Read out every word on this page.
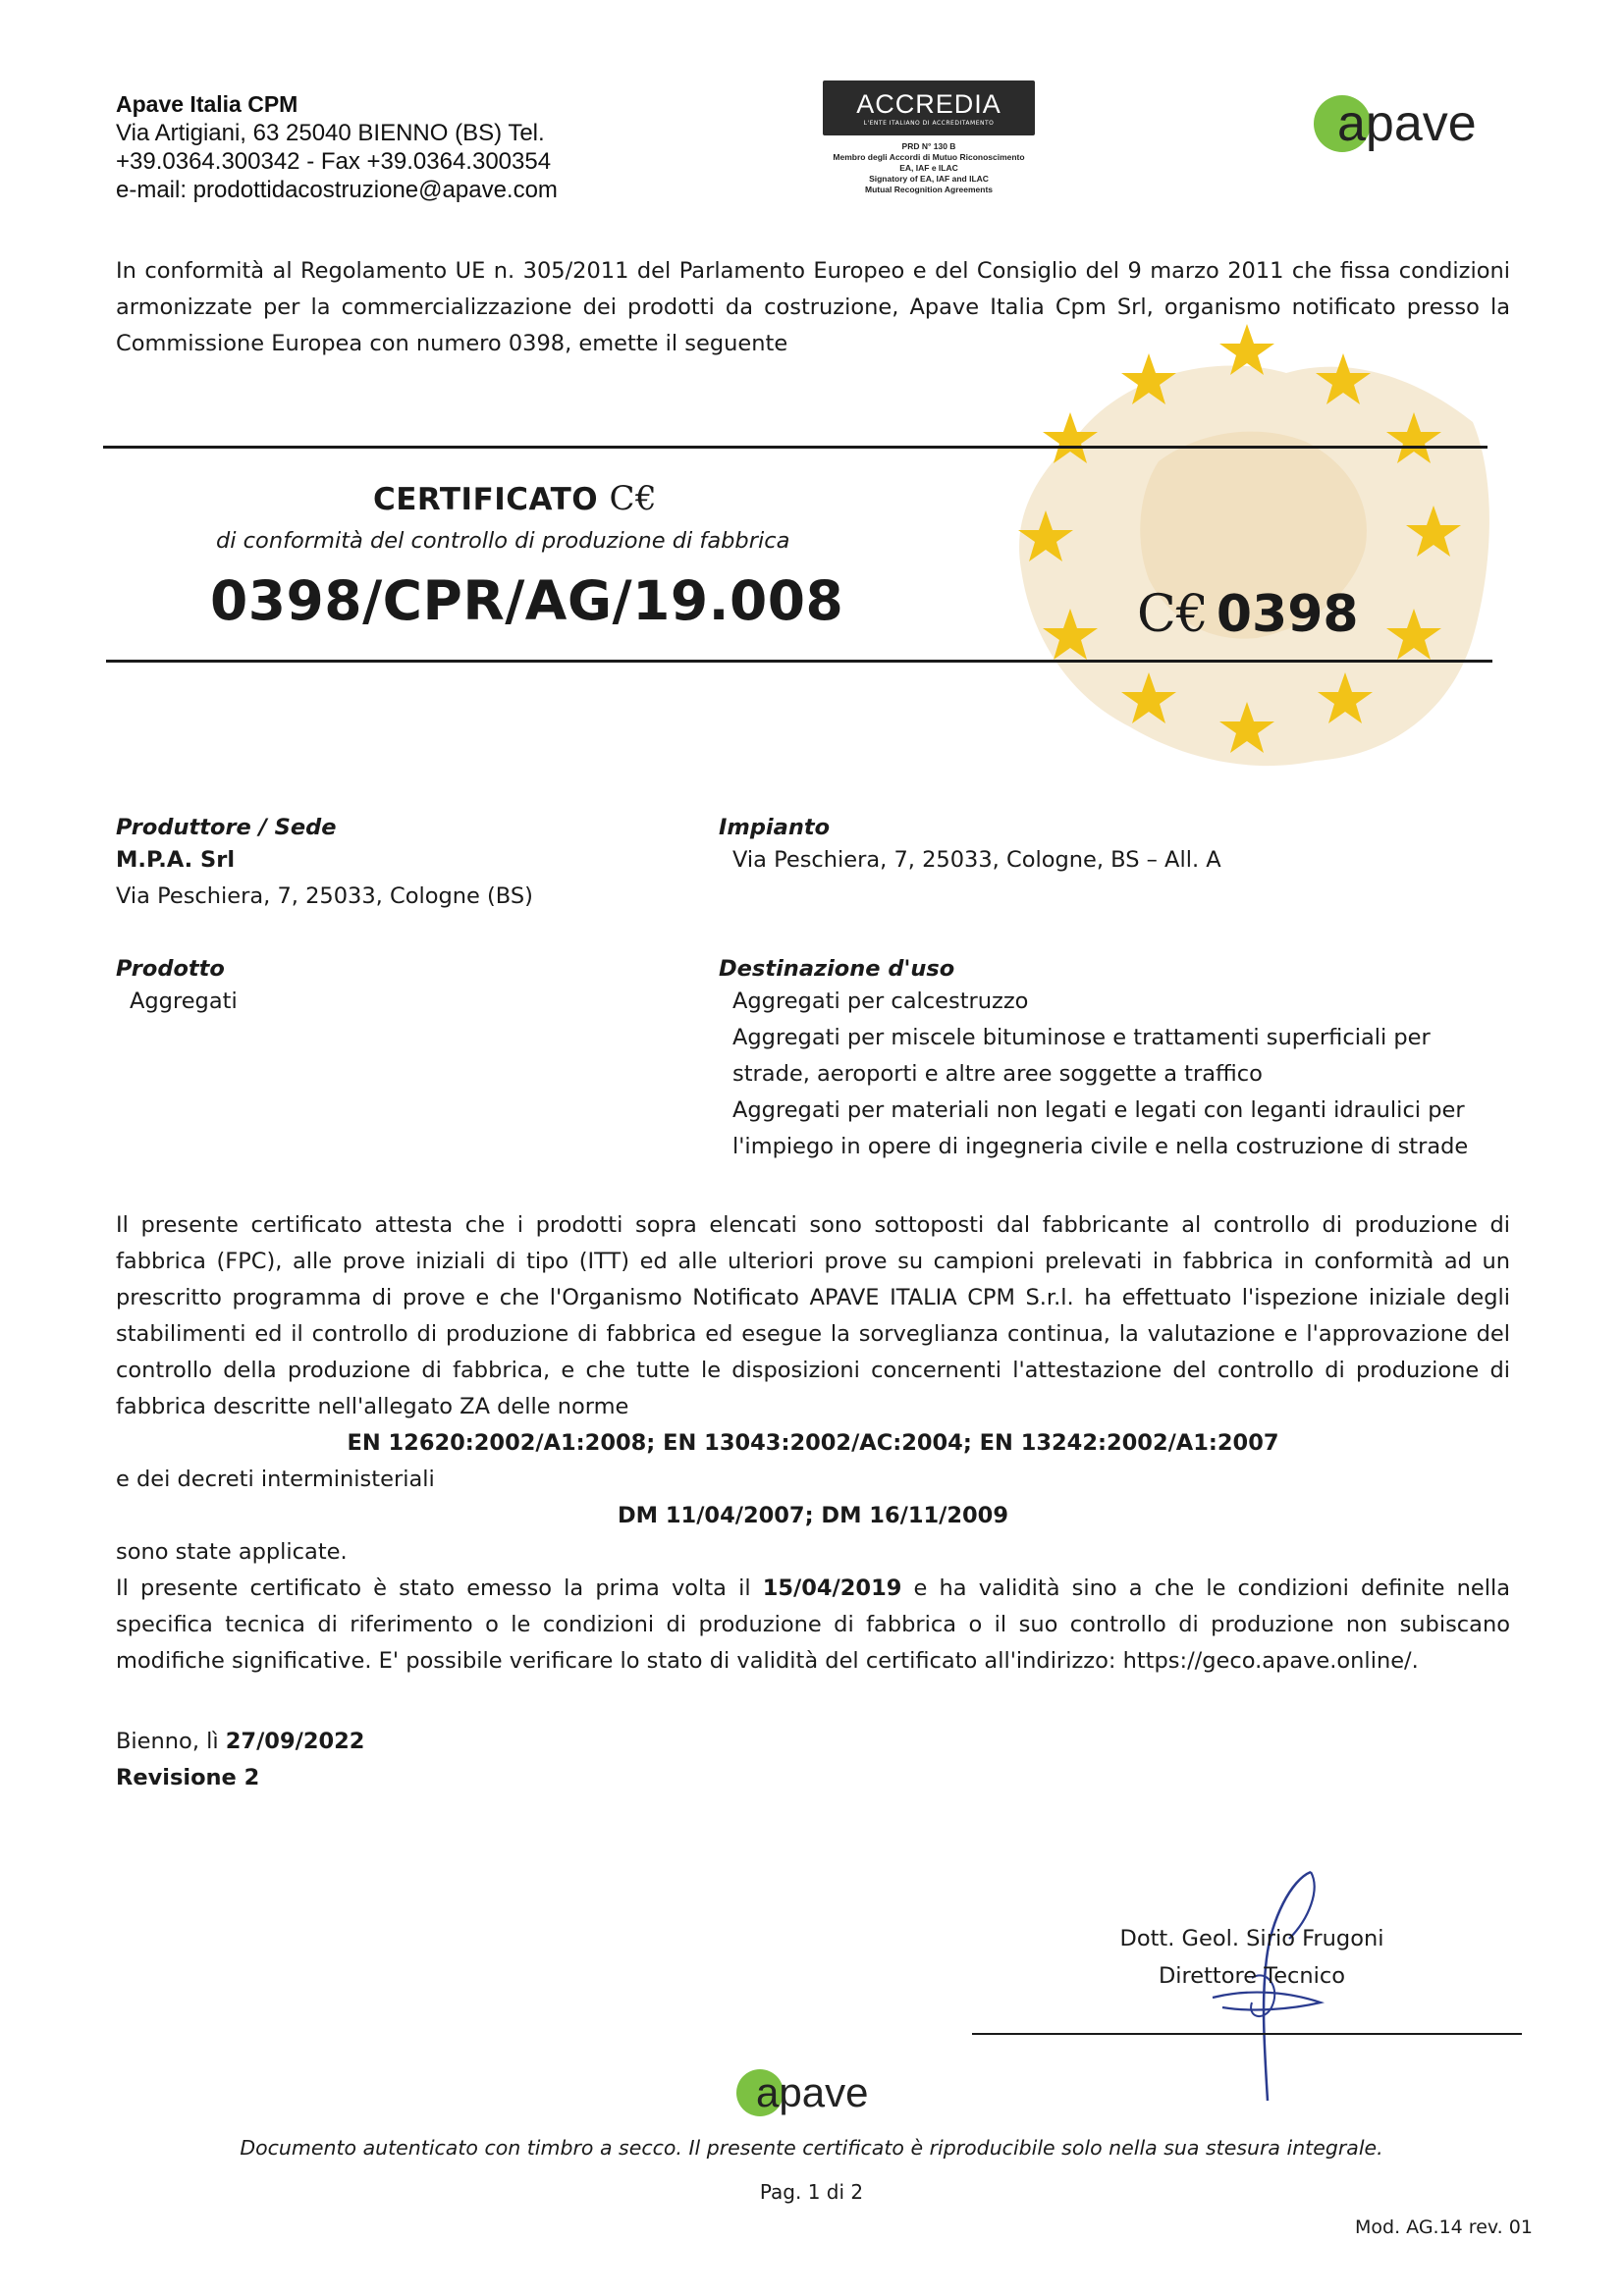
Apave Italia CPM
Via Artigiani, 63 25040 BIENNO (BS) Tel.
+39.0364.300342 - Fax +39.0364.300354
e-mail: prodottidacostruzione@apave.com
ACCREDIA
L'ENTE ITALIANO DI ACCREDITAMENTO
PRD N° 130 B
Membro degli Accordi di Mutuo Riconoscimento
EA, IAF e ILAC
Signatory of EA, IAF and ILAC
Mutual Recognition Agreements
apave
In conformità al Regolamento UE n. 305/2011 del Parlamento Europeo e del Consiglio del 9 marzo 2011 che fissa condizioni armonizzate per la commercializzazione dei prodotti da costruzione, Apave Italia Cpm Srl, organismo notificato presso la Commissione Europea con numero 0398, emette il seguente
CERTIFICATO C€
di conformità del controllo di produzione di fabbrica
0398/CPR/AG/19.008	C€ 0398
Produttore / Sede
M.P.A. Srl
Via Peschiera, 7, 25033, Cologne (BS)
Impianto
Via Peschiera, 7, 25033, Cologne, BS – All. A
Prodotto
Aggregati
Destinazione d'uso
Aggregati per calcestruzzo
Aggregati per miscele bituminose e trattamenti superficiali per
strade, aeroporti e altre aree soggette a traffico
Aggregati per materiali non legati e legati con leganti idraulici per
l'impiego in opere di ingegneria civile e nella costruzione di strade
Il presente certificato attesta che i prodotti sopra elencati sono sottoposti dal fabbricante al controllo di produzione di fabbrica (FPC), alle prove iniziali di tipo (ITT) ed alle ulteriori prove su campioni prelevati in fabbrica in conformità ad un prescritto programma di prove e che l'Organismo Notificato APAVE ITALIA CPM S.r.l. ha effettuato l'ispezione iniziale degli stabilimenti ed il controllo di produzione di fabbrica ed esegue la sorveglianza continua, la valutazione e l'approvazione del controllo della produzione di fabbrica, e che tutte le disposizioni concernenti l'attestazione del controllo di produzione di fabbrica descritte nell'allegato ZA delle norme
EN 12620:2002/A1:2008; EN 13043:2002/AC:2004; EN 13242:2002/A1:2007
e dei decreti interministeriali
DM 11/04/2007; DM 16/11/2009
sono state applicate.
Il presente certificato è stato emesso la prima volta il 15/04/2019 e ha validità sino a che le condizioni definite nella specifica tecnica di riferimento o le condizioni di produzione di fabbrica o il suo controllo di produzione non subiscano modifiche significative. E' possibile verificare lo stato di validità del certificato all'indirizzo: https://geco.apave.online/.
Bienno, lì 27/09/2022
Revisione 2
Dott. Geol. Sirio Frugoni
Direttore Tecnico
apave
Documento autenticato con timbro a secco. Il presente certificato è riproducibile solo nella sua stesura integrale.
Pag. 1 di 2
Mod. AG.14 rev. 01
